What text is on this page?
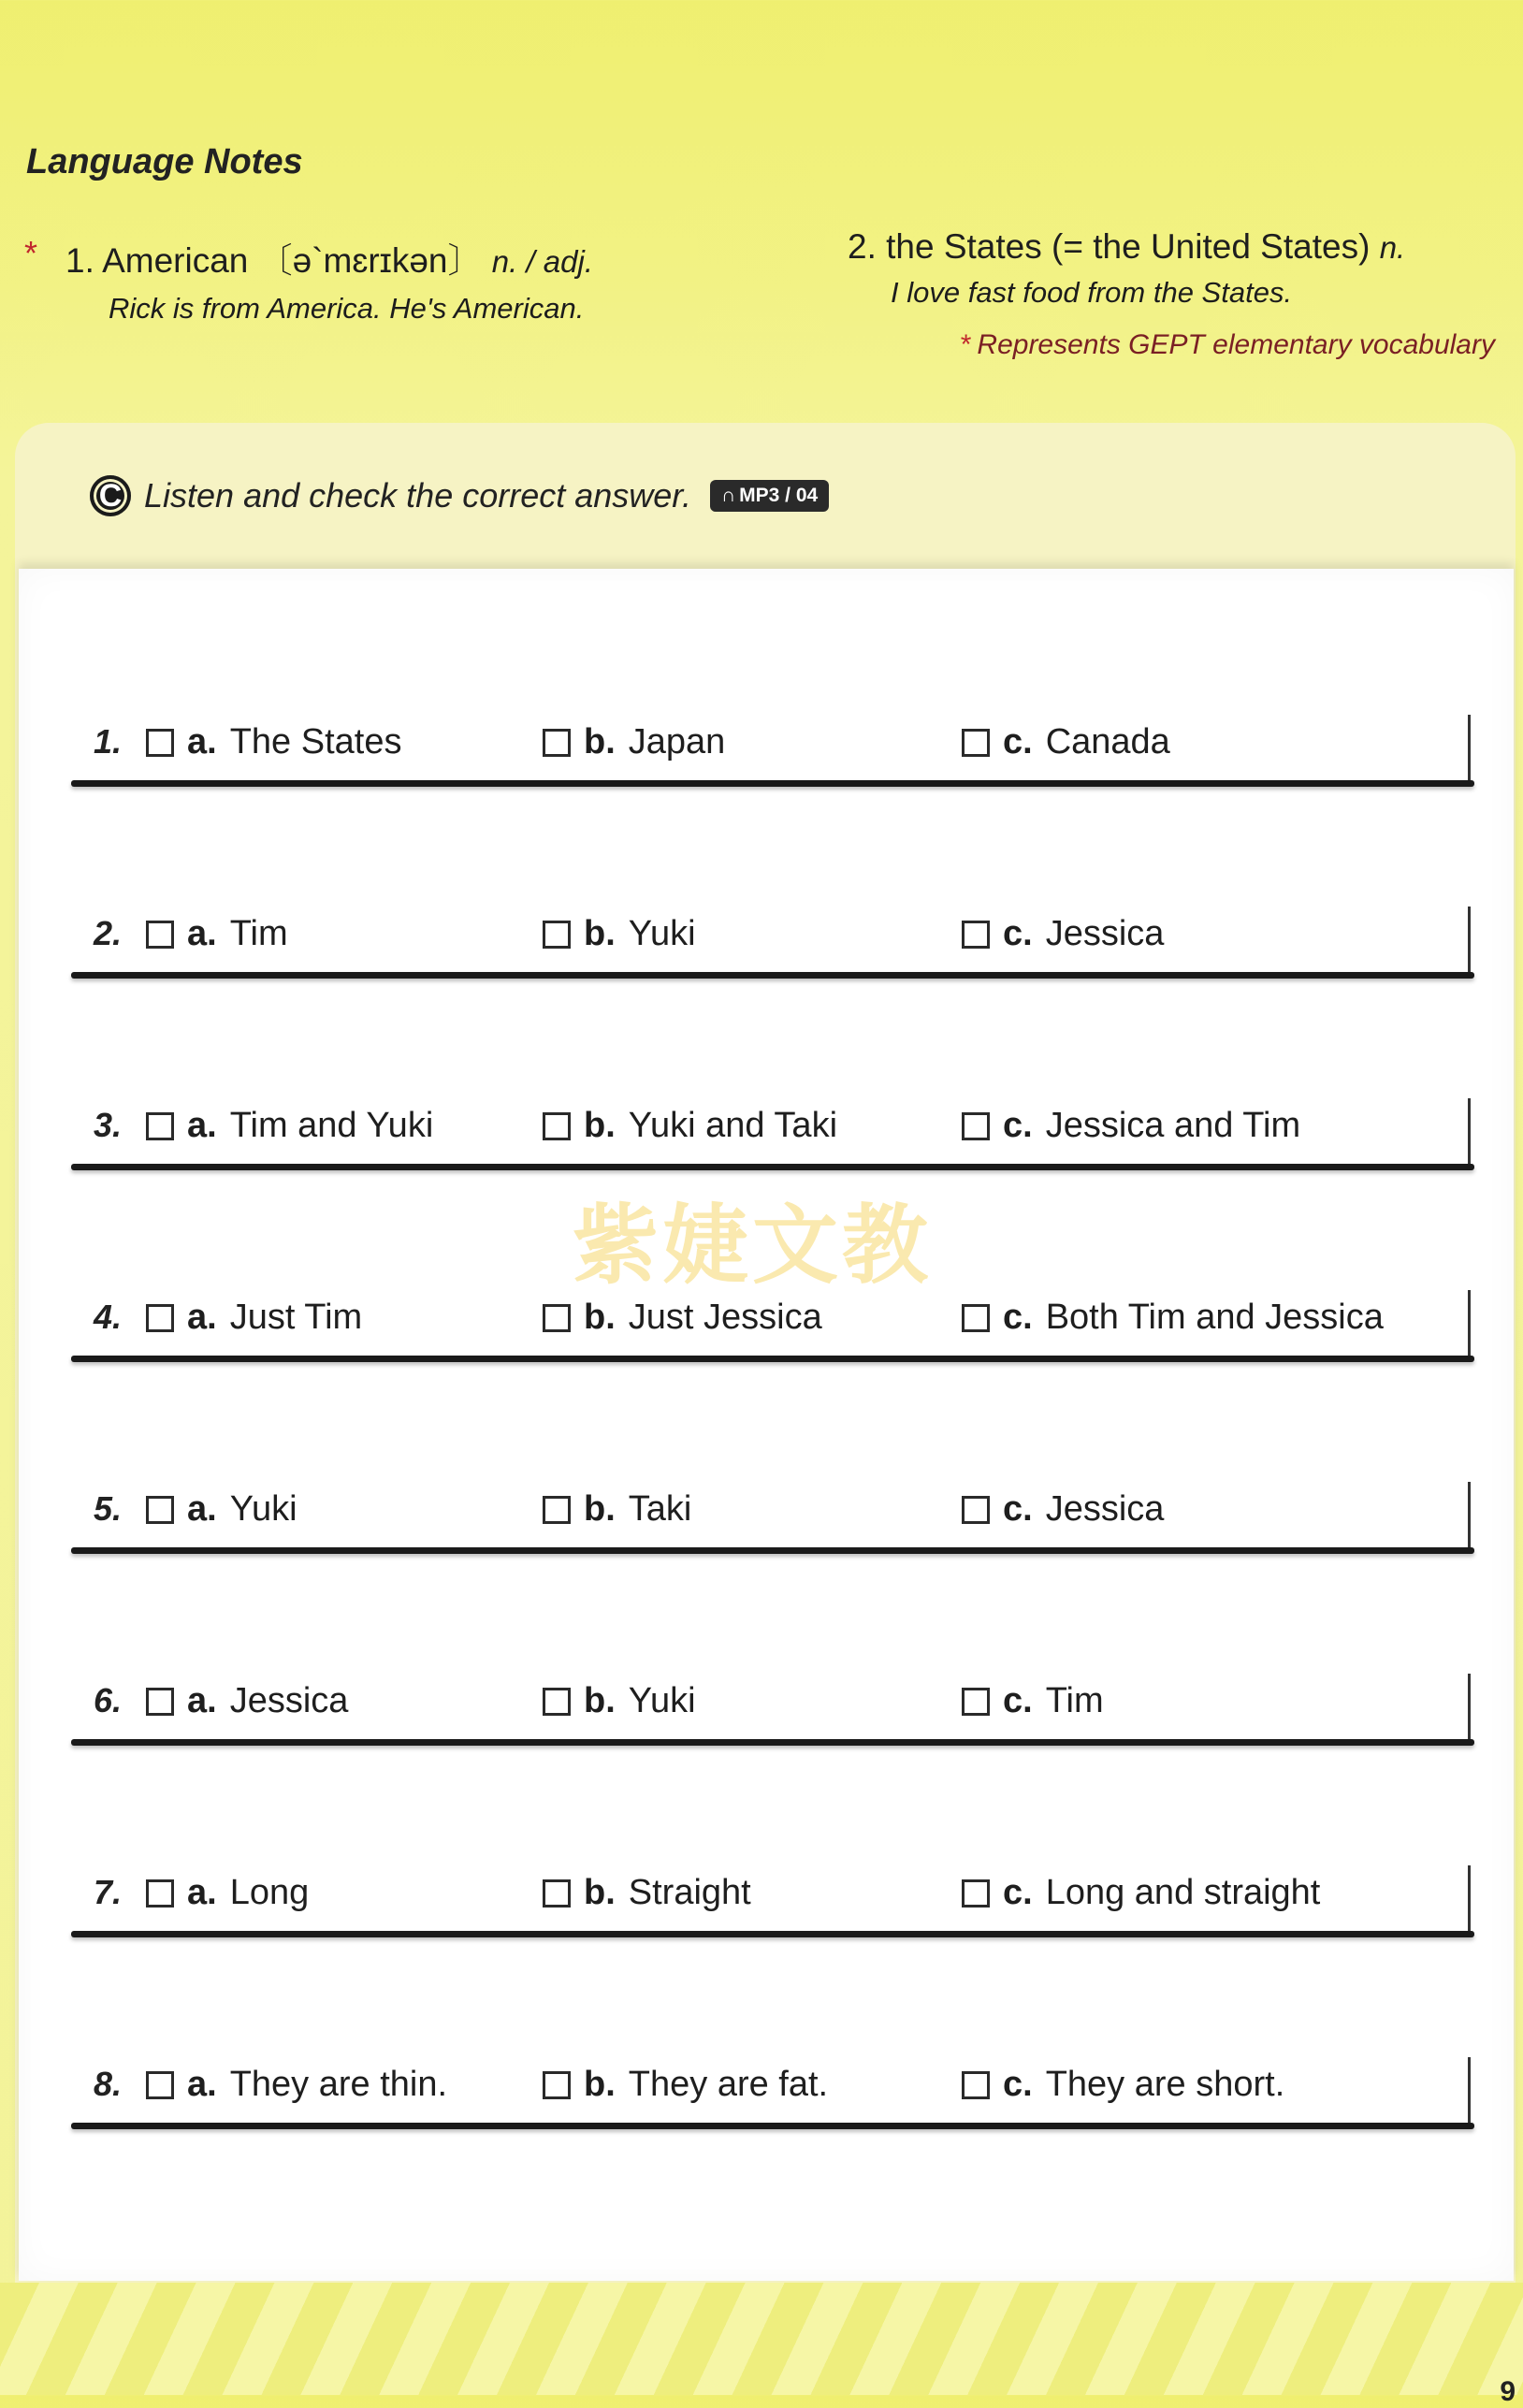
Language Notes
* 1. American 〔ə`mɛrɪkən〕 n. / adj.
Rick is from America. He's American.
2. the States (= the United States) n.
I love fast food from the States.
* Represents GEPT elementary vocabulary
C Listen and check the correct answer.	∩ MP3 / 04
1. a. The States	b. Japan	c. Canada
2. a. Tim	b. Yuki	c. Jessica
3. a. Tim and Yuki	b. Yuki and Taki	c. Jessica and Tim
4. a. Just Tim	b. Just Jessica	c. Both Tim and Jessica
5. a. Yuki	b. Taki	c. Jessica
6. a. Jessica	b. Yuki	c. Tim
7. a. Long	b. Straight	c. Long and straight
8. a. They are thin.	b. They are fat.	c. They are short.
紫婕文教
9
